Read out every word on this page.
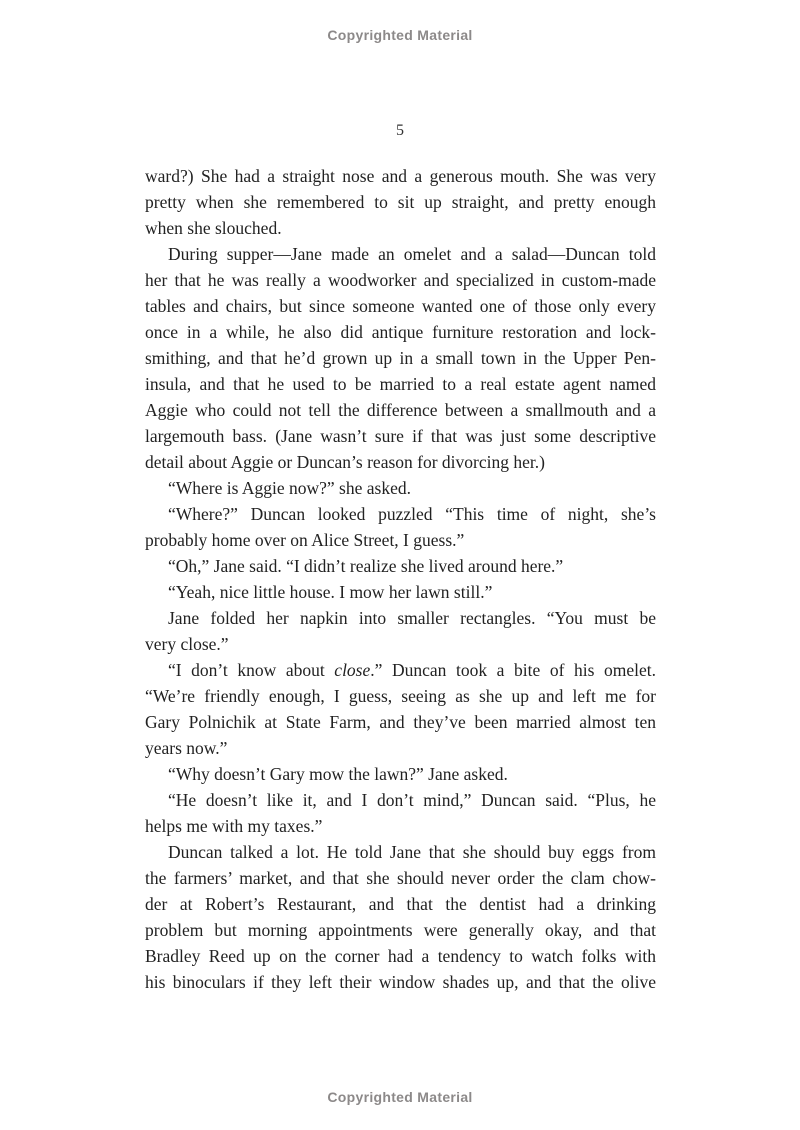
Copyrighted Material
5
ward?) She had a straight nose and a generous mouth. She was very
pretty when she remembered to sit up straight, and pretty enough
when she slouched.
During supper—Jane made an omelet and a salad—Duncan told
her that he was really a woodworker and specialized in custom-made
tables and chairs, but since someone wanted one of those only every
once in a while, he also did antique furniture restoration and lock-
smithing, and that he’d grown up in a small town in the Upper Pen-
insula, and that he used to be married to a real estate agent named
Aggie who could not tell the difference between a smallmouth and a
largemouth bass. (Jane wasn’t sure if that was just some descriptive
detail about Aggie or Duncan’s reason for divorcing her.)
“Where is Aggie now?” she asked.
“Where?” Duncan looked puzzled “This time of night, she’s
probably home over on Alice Street, I guess.”
“Oh,” Jane said. “I didn’t realize she lived around here.”
“Yeah, nice little house. I mow her lawn still.”
Jane folded her napkin into smaller rectangles. “You must be
very close.”
“I don’t know about close.” Duncan took a bite of his omelet.
“We’re friendly enough, I guess, seeing as she up and left me for
Gary Polnichik at State Farm, and they’ve been married almost ten
years now.”
“Why doesn’t Gary mow the lawn?” Jane asked.
“He doesn’t like it, and I don’t mind,” Duncan said. “Plus, he
helps me with my taxes.”
Duncan talked a lot. He told Jane that she should buy eggs from
the farmers’ market, and that she should never order the clam chow-
der at Robert’s Restaurant, and that the dentist had a drinking
problem but morning appointments were generally okay, and that
Bradley Reed up on the corner had a tendency to watch folks with
his binoculars if they left their window shades up, and that the olive
Copyrighted Material
